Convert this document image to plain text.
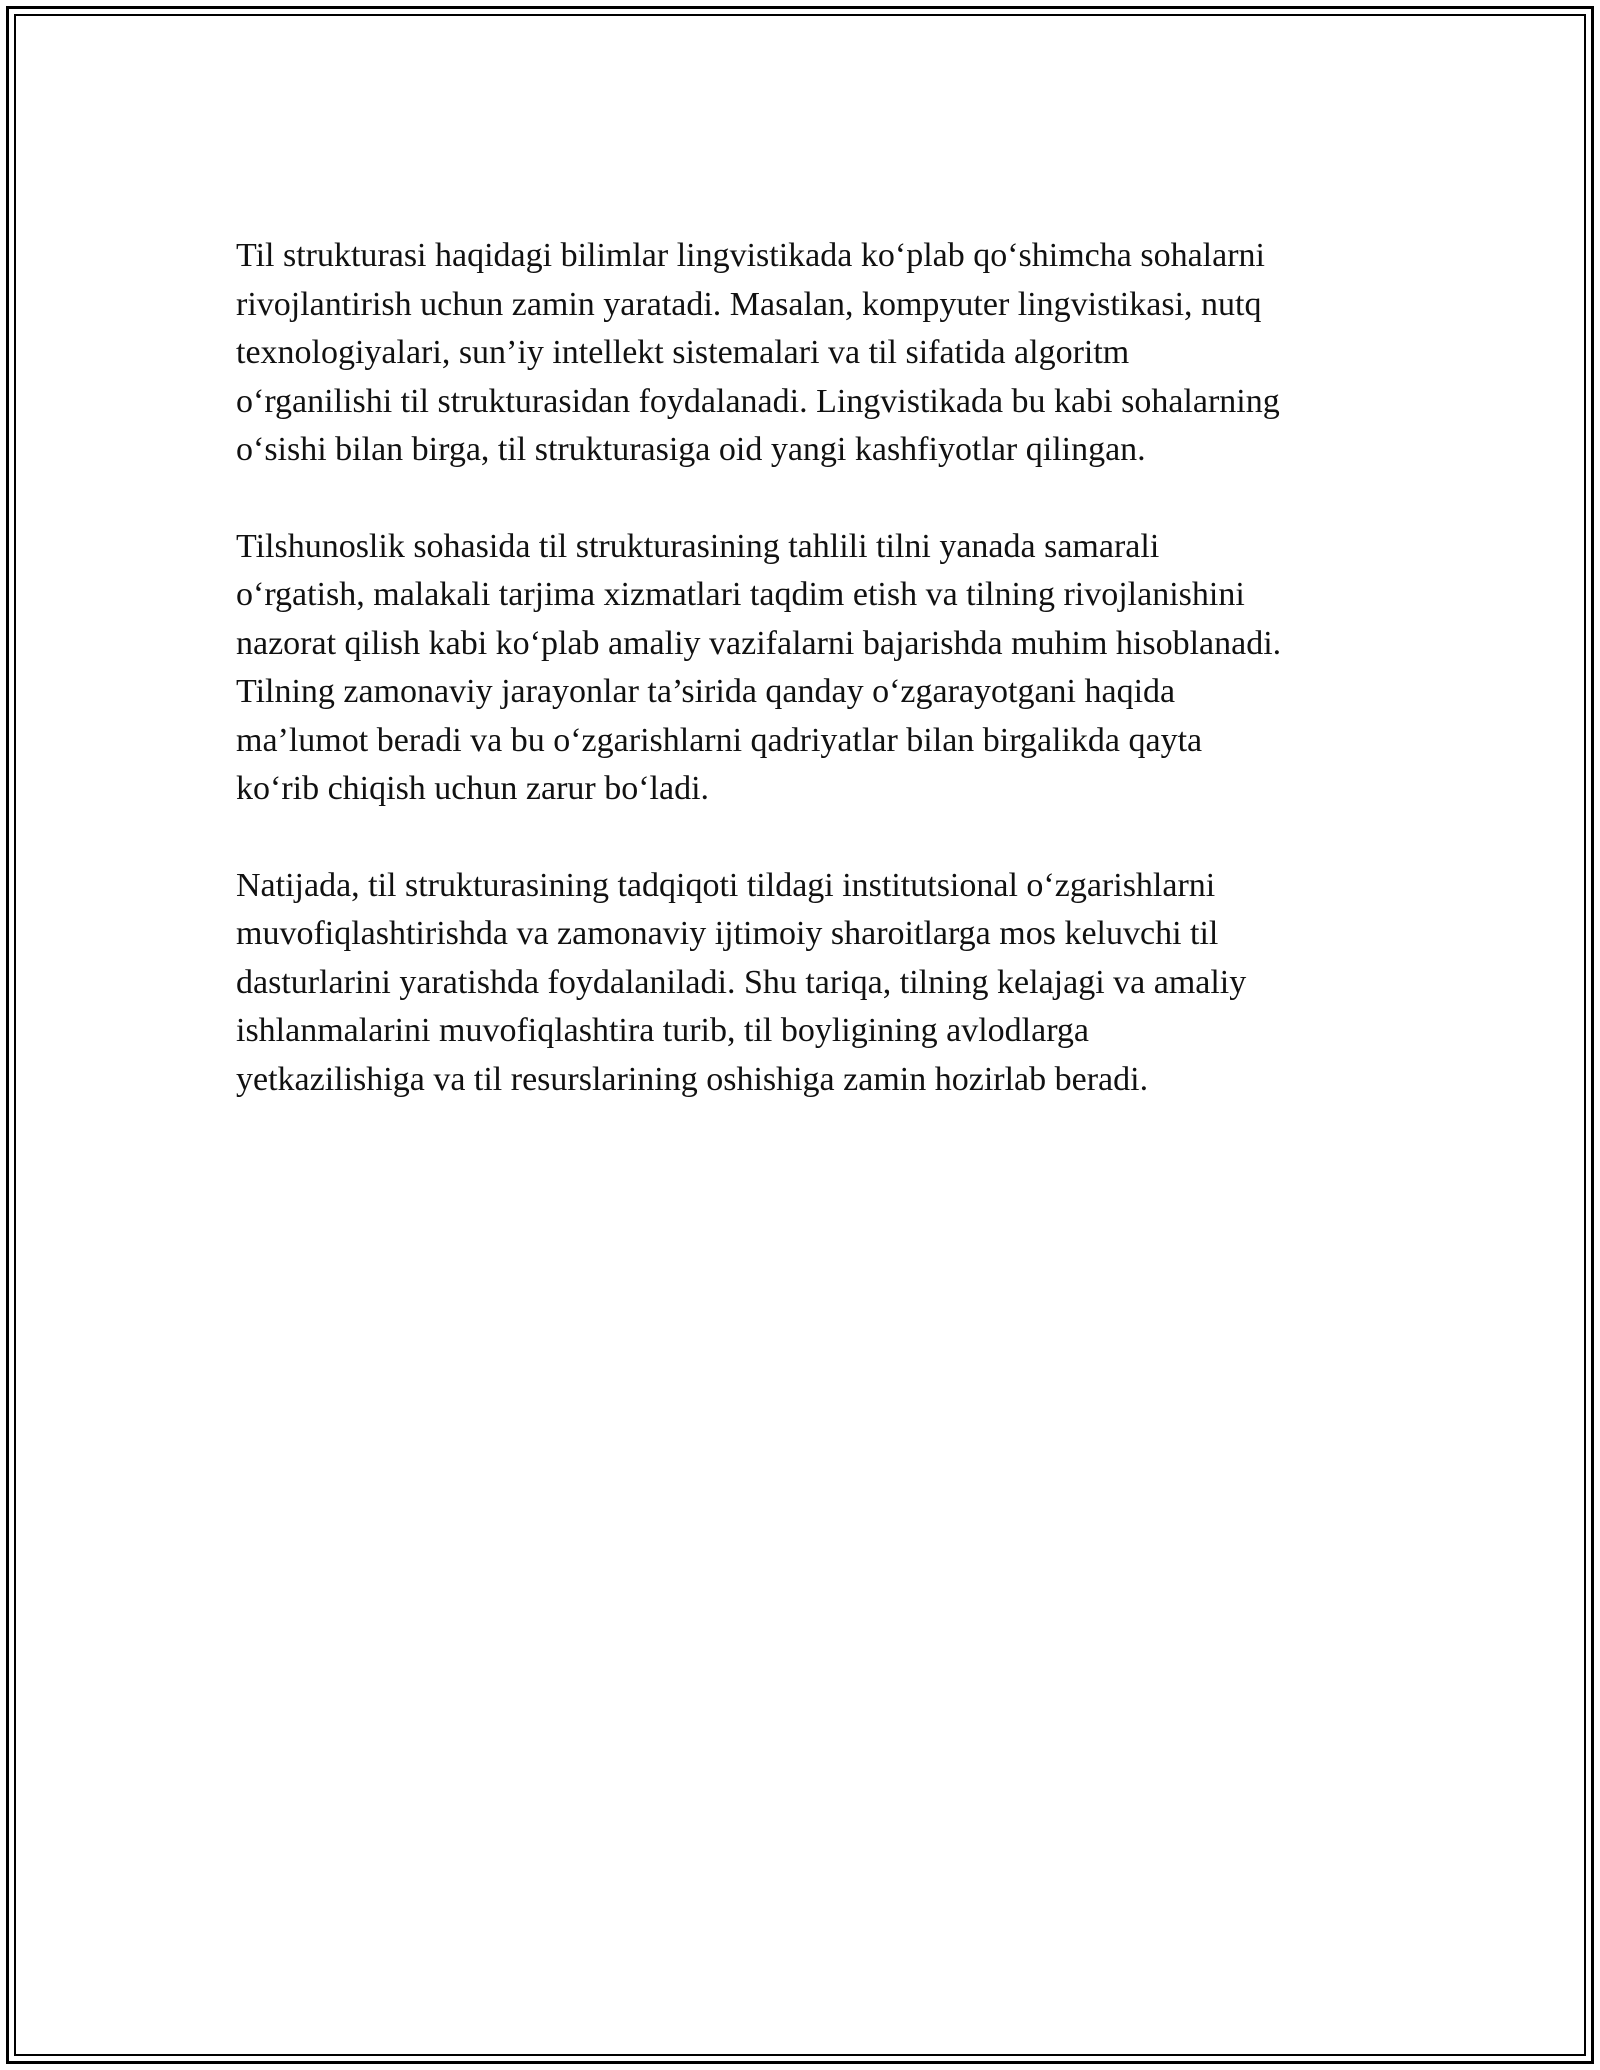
Til strukturasi haqidagi bilimlar lingvistikada ko‘plab qo‘shimcha sohalarni
rivojlantirish uchun zamin yaratadi. Masalan, kompyuter lingvistikasi, nutq
texnologiyalari, sun’iy intellekt sistemalari va til sifatida algoritm
o‘rganilishi til strukturasidan foydalanadi. Lingvistikada bu kabi sohalarning
o‘sishi bilan birga, til strukturasiga oid yangi kashfiyotlar qilingan.

Tilshunoslik sohasida til strukturasining tahlili tilni yanada samarali
o‘rgatish, malakali tarjima xizmatlari taqdim etish va tilning rivojlanishini
nazorat qilish kabi ko‘plab amaliy vazifalarni bajarishda muhim hisoblanadi.
Tilning zamonaviy jarayonlar ta’sirida qanday o‘zgarayotgani haqida
ma’lumot beradi va bu o‘zgarishlarni qadriyatlar bilan birgalikda qayta
ko‘rib chiqish uchun zarur bo‘ladi.

Natijada, til strukturasining tadqiqoti tildagi institutsional o‘zgarishlarni
muvofiqlashtirishda va zamonaviy ijtimoiy sharoitlarga mos keluvchi til
dasturlarini yaratishda foydalaniladi. Shu tariqa, tilning kelajagi va amaliy
ishlanmalarini muvofiqlashtira turib, til boyligining avlodlarga
yetkazilishiga va til resurslarining oshishiga zamin hozirlab beradi.
